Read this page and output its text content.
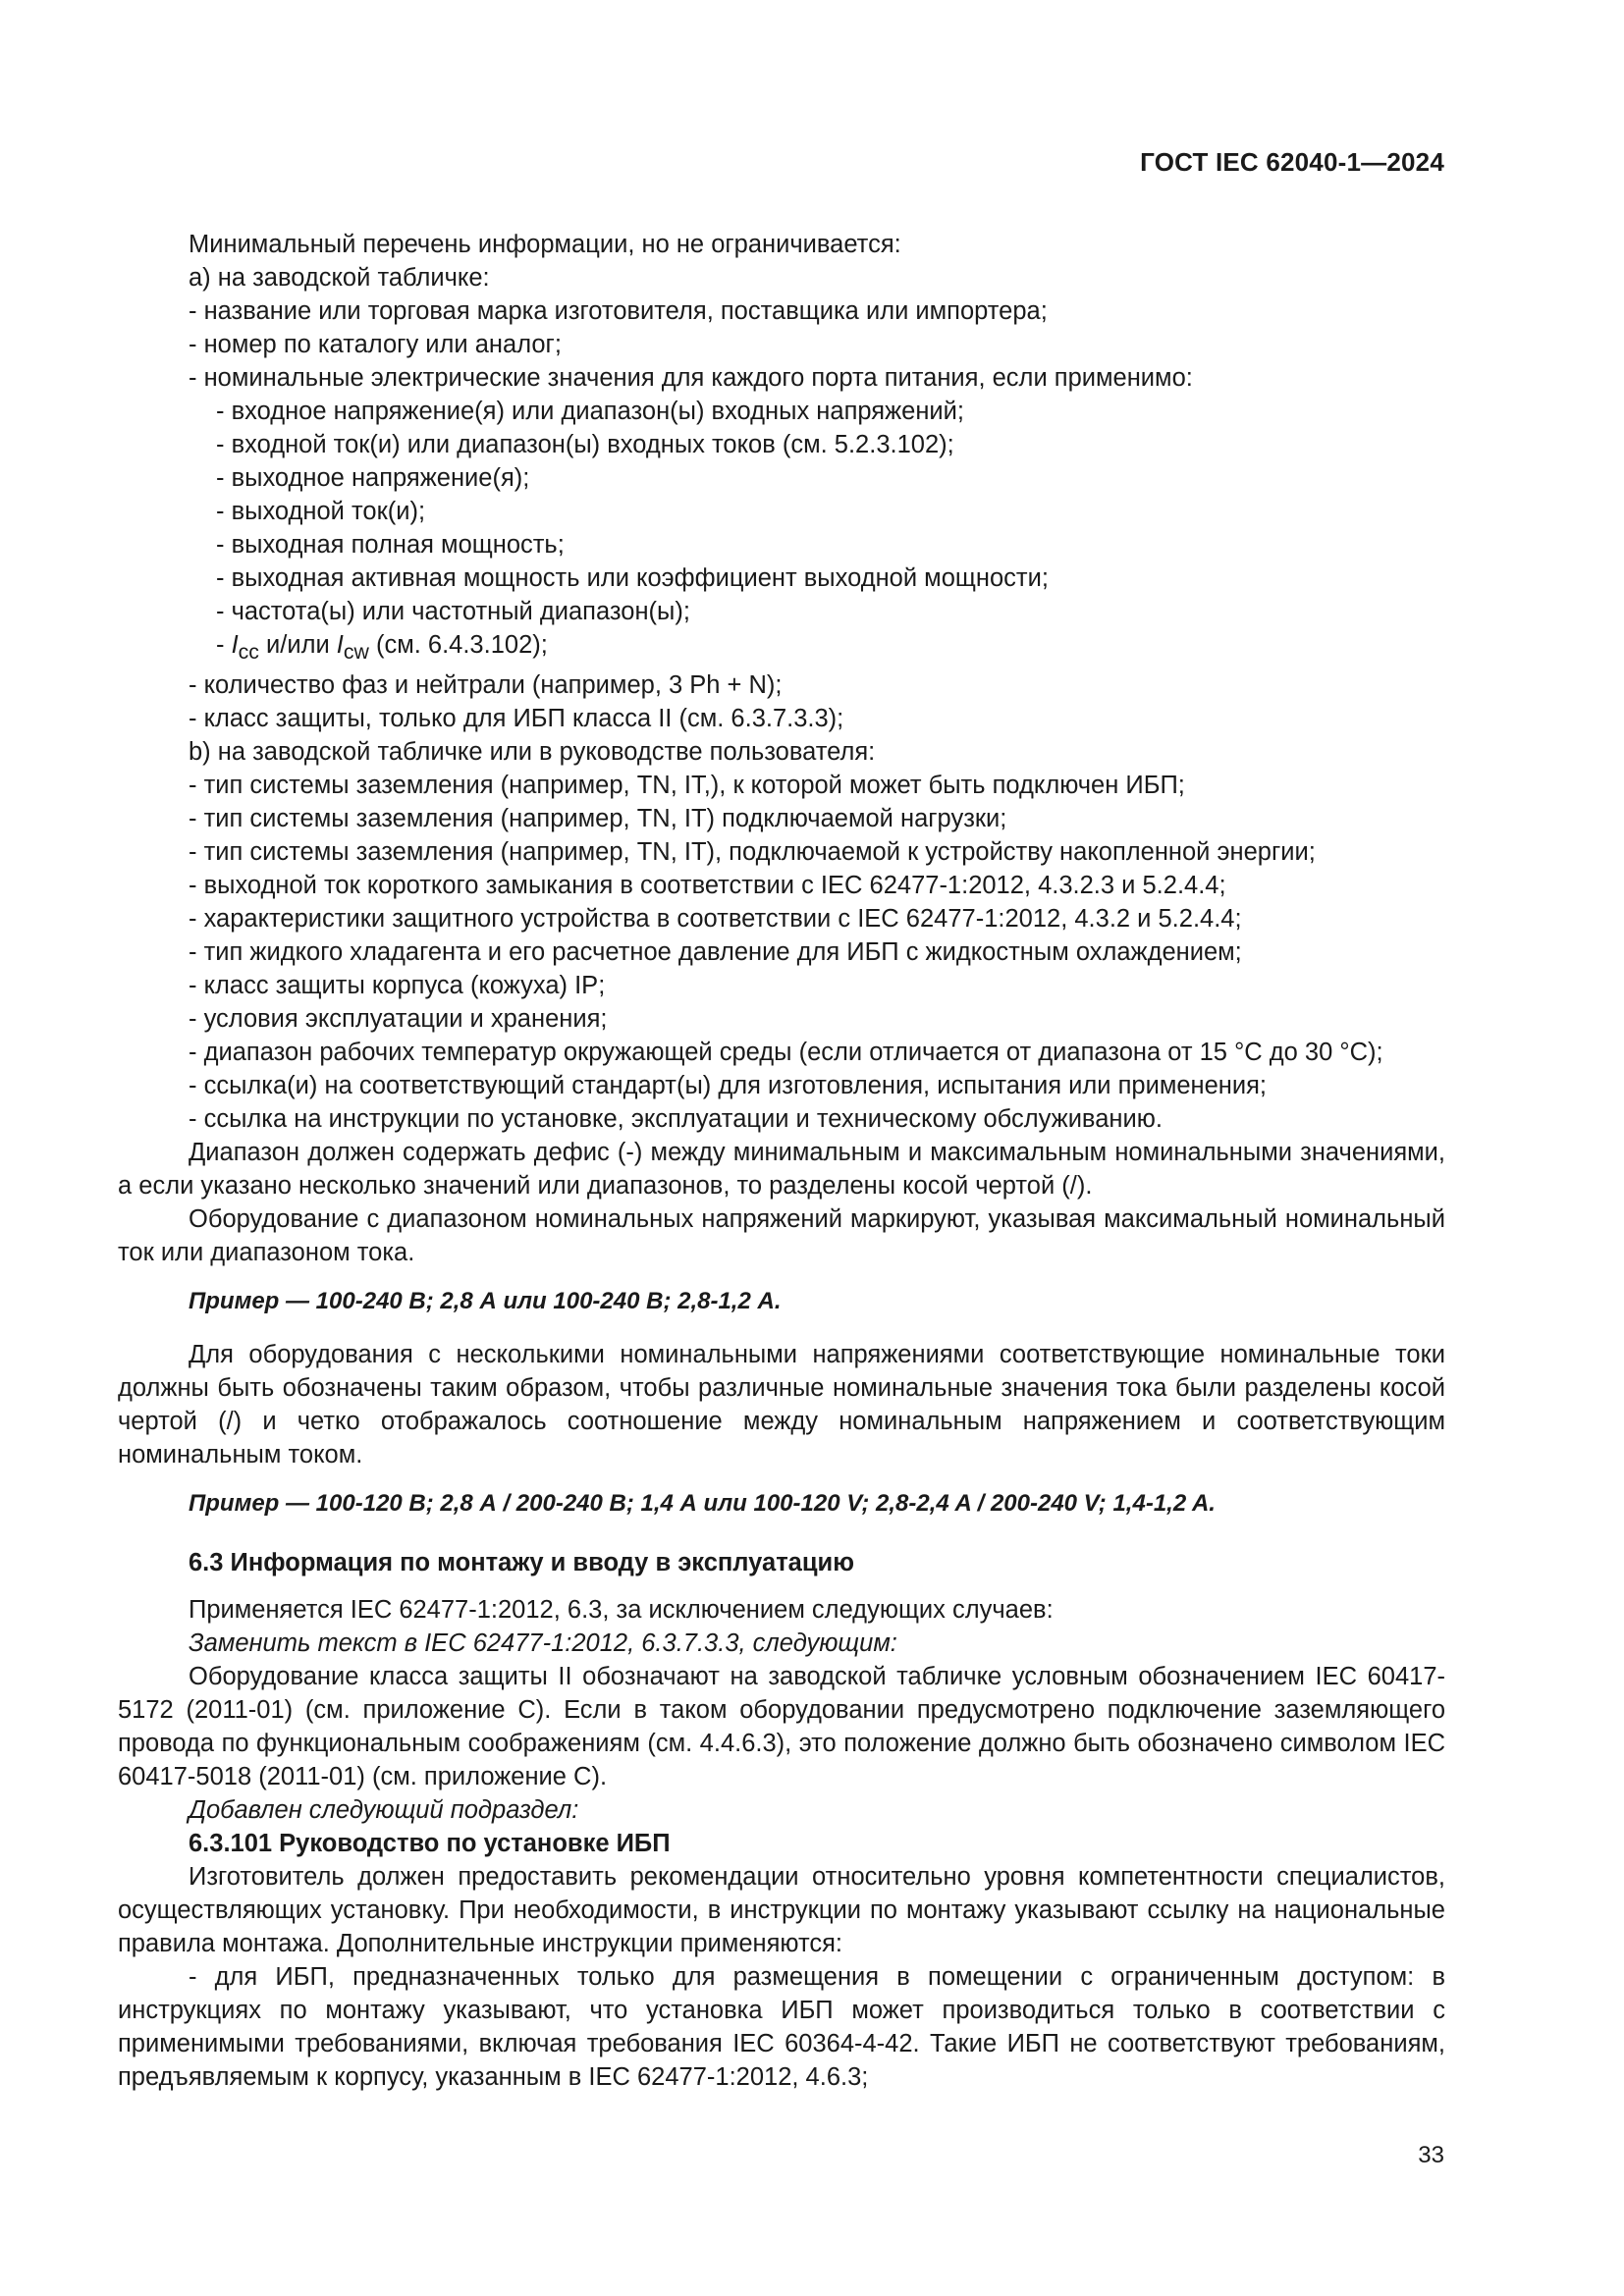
ГОСТ IEC 62040-1—2024

Минимальный перечень информации, но не ограничивается:

а) на заводской табличке:

- название или торговая марка изготовителя, поставщика или импортера;

- номер по каталогу или аналог;

- номинальные электрические значения для каждого порта питания, если применимо:

- входное напряжение(я) или диапазон(ы) входных напряжений;

- входной ток(и) или диапазон(ы) входных токов (см. 5.2.3.102);

- выходное напряжение(я);

- выходной ток(и);

- выходная полная мощность;

- выходная активная мощность или коэффициент выходной мощности;

- частота(ы) или частотный диапазон(ы);

- $I_{cc}$ и/или $I_{cw}$ (см. 6.4.3.102);

- количество фаз и нейтрали (например, 3 Ph + N);

- класс защиты, только для ИБП класса II (см. 6.3.7.3.3);

b) на заводской табличке или в руководстве пользователя:

- тип системы заземления (например, TN, IT,), к которой может быть подключен ИБП;

- тип системы заземления (например, TN, IT) подключаемой нагрузки;

- тип системы заземления (например, TN, IT), подключаемой к устройству накопленной энергии;

- выходной ток короткого замыкания в соответствии с IEC 62477-1:2012, 4.3.2.3 и 5.2.4.4;

- характеристики защитного устройства в соответствии с IEC 62477-1:2012, 4.3.2 и 5.2.4.4;

- тип жидкого хладагента и его расчетное давление для ИБП с жидкостным охлаждением;

- класс защиты корпуса (кожуха) IP;

- условия эксплуатации и хранения;

- диапазон рабочих температур окружающей среды (если отличается от диапазона от 15 °С до 30 °С);

- ссылка(и) на соответствующий стандарт(ы) для изготовления, испытания или применения;

- ссылка на инструкции по установке, эксплуатации и техническому обслуживанию.

Диапазон должен содержать дефис (-) между минимальным и максимальным номинальными значениями, а если указано несколько значений или диапазонов, то разделены косой чертой (/).

Оборудование с диапазоном номинальных напряжений маркируют, указывая максимальный номинальный ток или диапазоном тока.

Пример — 100-240 В; 2,8 А или 100-240 В; 2,8-1,2 А.

Для оборудования с несколькими номинальными напряжениями соответствующие номинальные токи должны быть обозначены таким образом, чтобы различные номинальные значения тока были разделены косой чертой (/) и четко отображалось соотношение между номинальным напряжением и соответствующим номинальным током.

Пример — 100-120 В; 2,8 А / 200-240 В; 1,4 А или 100-120 V; 2,8-2,4 A / 200-240 V; 1,4-1,2 A.

6.3 Информация по монтажу и вводу в эксплуатацию

Применяется IEC 62477-1:2012, 6.3, за исключением следующих случаев:

Заменить текст в IEC 62477-1:2012, 6.3.7.3.3, следующим:

Оборудование класса защиты II обозначают на заводской табличке условным обозначением IEC 60417-5172 (2011-01) (см. приложение С). Если в таком оборудовании предусмотрено подключение заземляющего провода по функциональным соображениям (см. 4.4.6.3), это положение должно быть обозначено символом IEC 60417-5018 (2011-01) (см. приложение С).

Добавлен следующий подраздел:

6.3.101 Руководство по установке ИБП

Изготовитель должен предоставить рекомендации относительно уровня компетентности специалистов, осуществляющих установку. При необходимости, в инструкции по монтажу указывают ссылку на национальные правила монтажа. Дополнительные инструкции применяются:

- для ИБП, предназначенных только для размещения в помещении с ограниченным доступом: в инструкциях по монтажу указывают, что установка ИБП может производиться только в соответствии с применимыми требованиями, включая требования IEC 60364-4-42. Такие ИБП не соответствуют требованиям, предъявляемым к корпусу, указанным в IEC 62477-1:2012, 4.6.3;

33
